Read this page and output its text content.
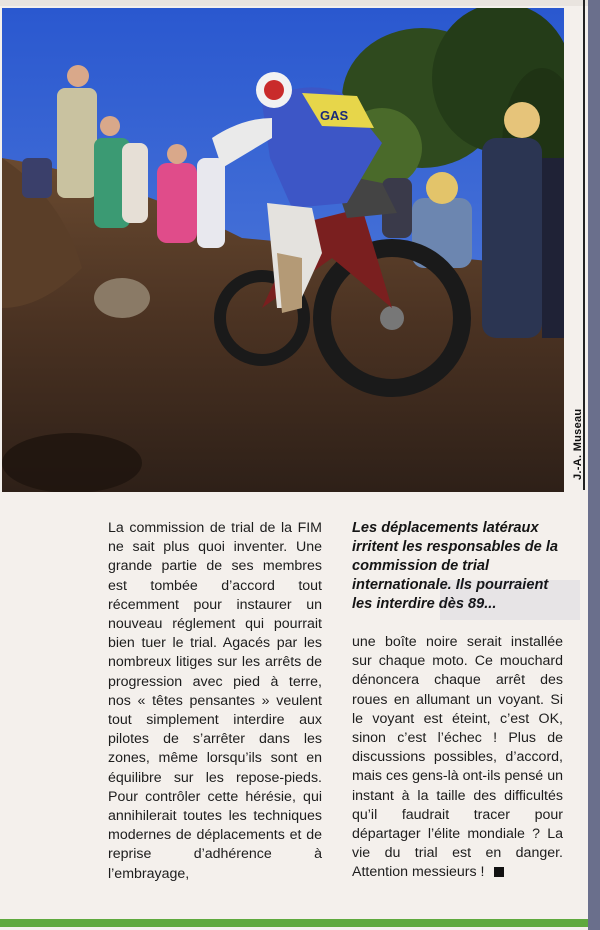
GAS
J.-A. Museau
La commission de trial de la FIM ne sait plus quoi inventer. Une grande partie de ses membres est tombée d’accord tout récemment pour instaurer un nouveau réglement qui pourrait bien tuer le trial. Agacés par les nombreux litiges sur les arrêts de progression avec pied à terre, nos « têtes pensantes » veulent tout simplement interdire aux pilotes de s’arrêter dans les zones, même lorsqu’ils sont en équilibre sur les repose-pieds. Pour contrôler cette hérésie, qui annihilerait toutes les techniques modernes de déplacements et de reprise d’adhérence à l’embrayage,
Les déplacements latéraux irritent les responsables de la commission de trial internationale. Ils pourraient les interdire dès 89...
une boîte noire serait installée sur chaque moto. Ce mouchard dénoncera chaque arrêt des roues en allumant un voyant. Si le voyant est éteint, c’est OK, sinon c’est l’échec ! Plus de discussions possibles, d’accord, mais ces gens-là ont-ils pensé un instant à la taille des difficultés qu’il faudrait tracer pour départager l’élite mondiale ? La vie du trial est en danger. Attention messieurs !
